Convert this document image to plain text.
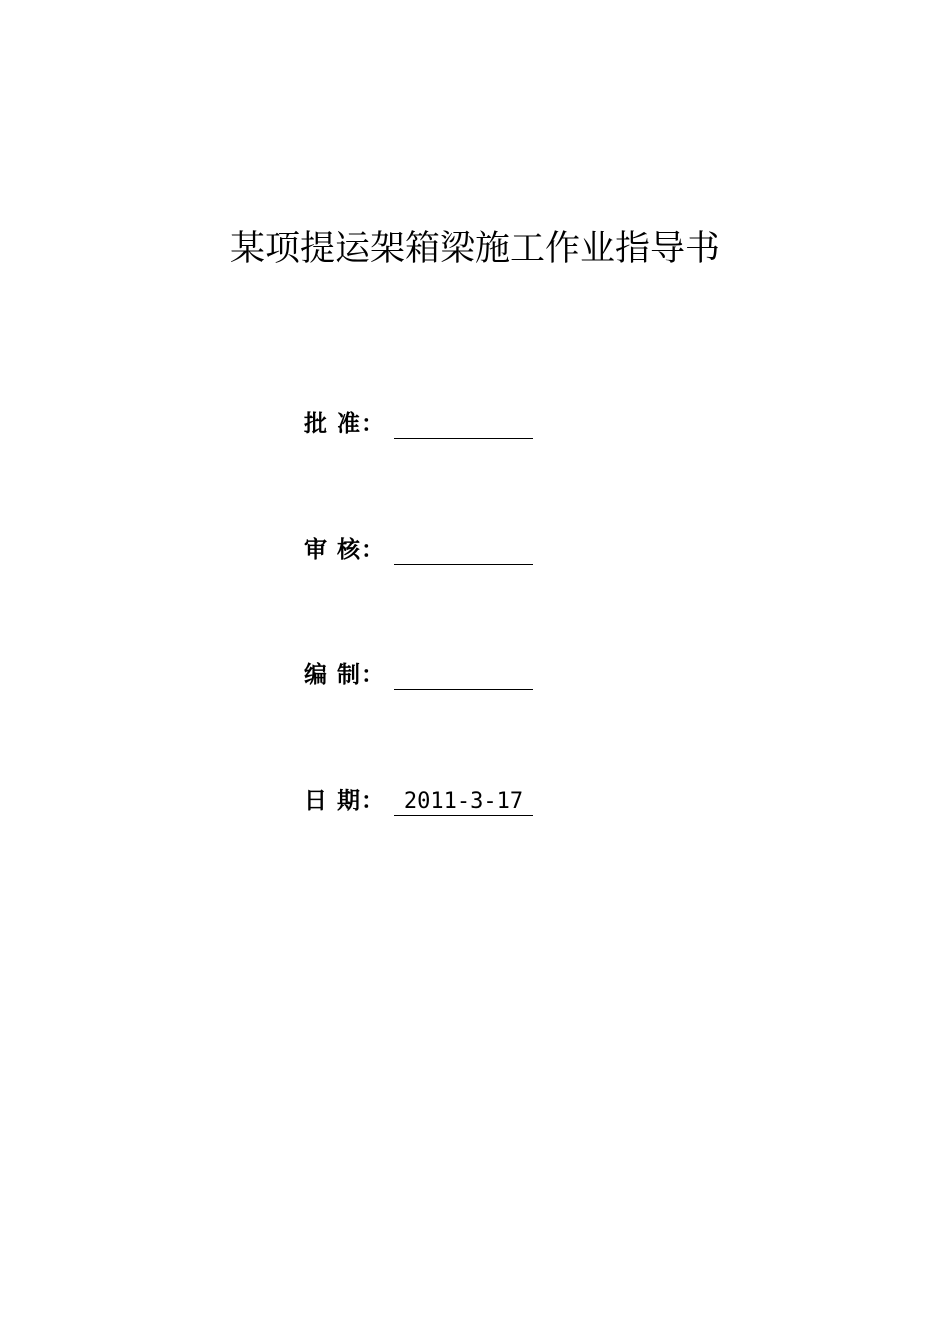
某项提运架箱梁施工作业指导书
批 准：
审 核：
编 制：
日 期： 2011-3-17
